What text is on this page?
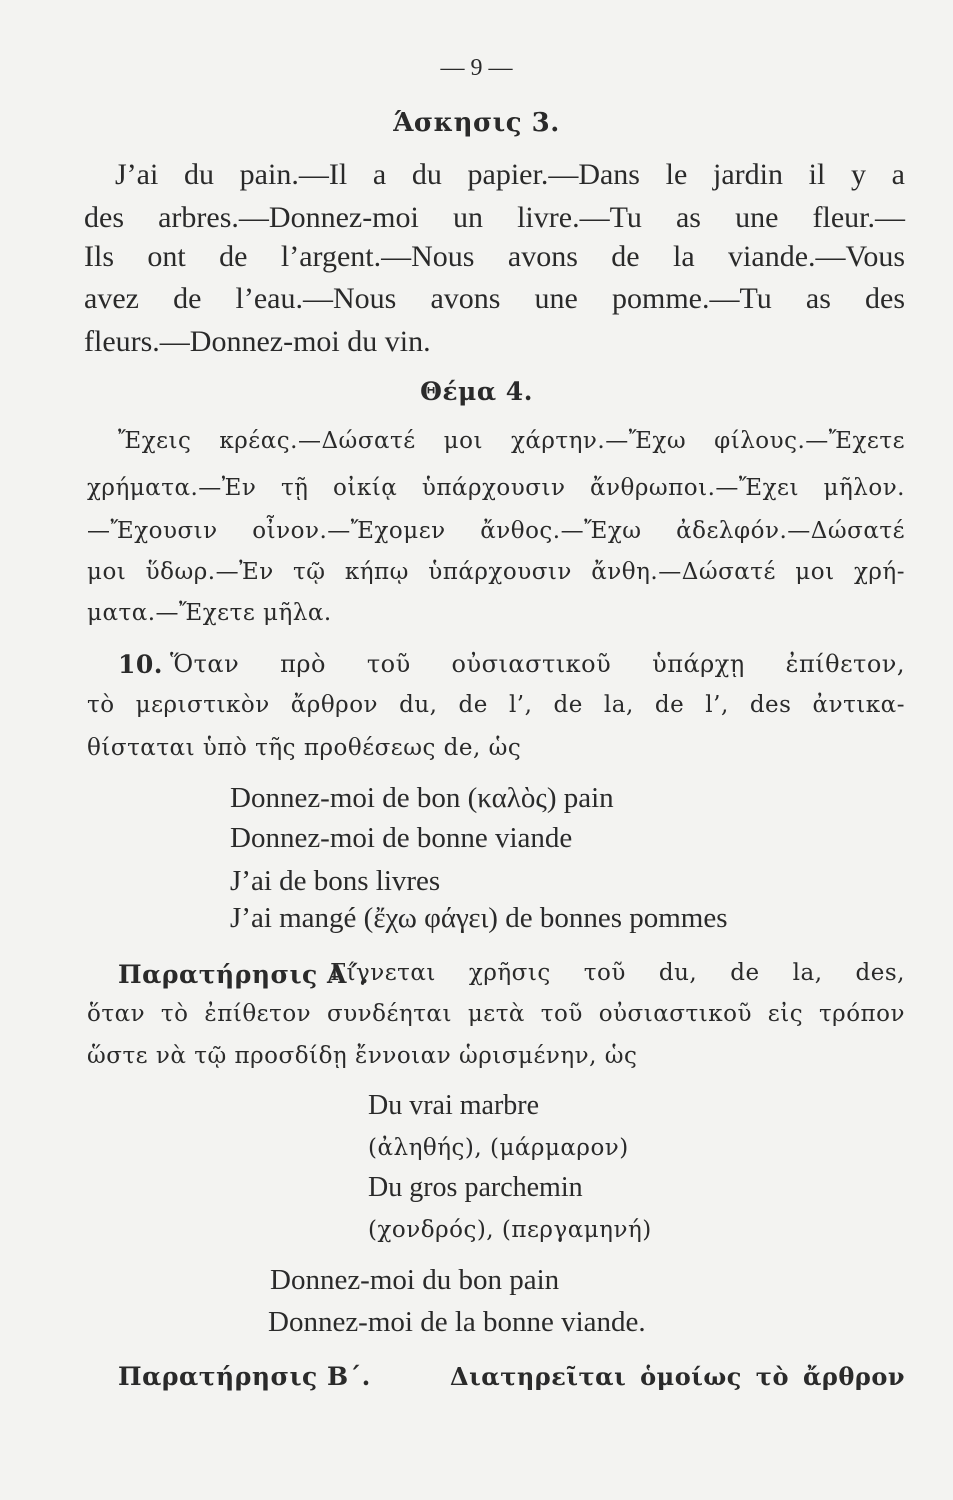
— 9 —
Άσκησις 3.
J’ai du pain.—Il a du papier.—Dans le jardin il y a
des arbres.—Donnez-moi un livre.—Tu as une fleur.—
Ils ont de l’argent.—Nous avons de la viande.—Vous
avez de l’eau.—Nous avons une pomme.—Tu as des
fleurs.—Donnez-moi du vin.
Θέμα 4.
Ἔχεις κρέας.—Δώσατέ μοι χάρτην.—Ἔχω φίλους.—Ἔχετε
χρήματα.—Ἐν τῇ οἰκίᾳ ὑπάρχουσιν ἄνθρωποι.—Ἔχει μῆλον.
—Ἔχουσιν οἶνον.—Ἔχομεν ἄνθος.—Ἔχω ἀδελφόν.—Δώσατέ
μοι ὕδωρ.—Ἐν τῷ κήπῳ ὑπάρχουσιν ἄνθη.—Δώσατέ μοι χρή-
ματα.—Ἔχετε μῆλα.
10. Ὅταν πρὸ τοῦ οὐσιαστικοῦ ὑπάρχῃ ἐπίθετον,
τὸ μεριστικὸν ἄρθρον du, de l’, de la, de l’, des ἀντικα-
θίσταται ὑπὸ τῆς προθέσεως de, ὡς
Donnez-moi de bon (καλὸς) pain
Donnez-moi de bonne viande
J’ai de bons livres
J’ai mangé (ἔχω φάγει) de bonnes pommes
Παρατήρησις Α΄.
Γίγνεται χρῆσις τοῦ du, de la, des,
ὅταν τὸ ἐπίθετον συνδέηται μετὰ τοῦ οὐσιαστικοῦ εἰς τρόπον
ὥστε νὰ τῷ προσδίδῃ ἔννοιαν ὡρισμένην, ὡς
Du vrai marbre
(ἀληθής), (μάρμαρον)
Du gros parchemin
(χονδρός), (περγαμηνή)
Donnez-moi du bon pain
Donnez-moi de la bonne viande.
Παρατήρησις Β΄.	Διατηρεῖται ὁμοίως τὸ ἄρθρον
